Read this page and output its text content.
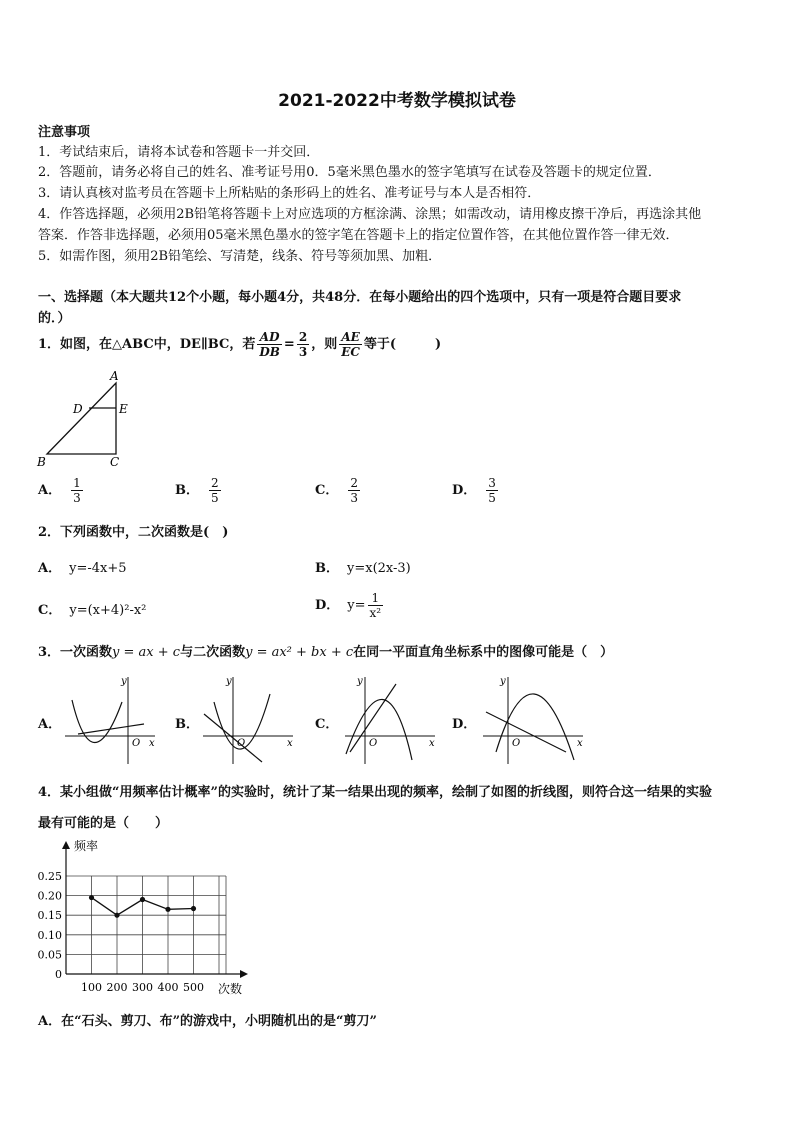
2021-2022中考数学模拟试卷
注意事项
1．考试结束后，请将本试卷和答题卡一并交回．
2．答题前，请务必将自己的姓名、准考证号用0．5毫米黑色墨水的签字笔填写在试卷及答题卡的规定位置．
3．请认真核对监考员在答题卡上所粘贴的条形码上的姓名、准考证号与本人是否相符．
4．作答选择题，必须用2B铅笔将答题卡上对应选项的方框涂满、涂黑；如需改动，请用橡皮擦干净后，再选涂其他
答案．作答非选择题，必须用05毫米黑色墨水的签字笔在答题卡上的指定位置作答，在其他位置作答一律无效．
5．如需作图，须用2B铅笔绘、写清楚，线条、符号等须加黑、加粗．
一、选择题（本大题共12个小题，每小题4分，共48分．在每小题给出的四个选项中，只有一项是符合题目要求
的．）
1．如图，在△ABC中，DE∥BC，若 $\frac{AD}{DB} = \frac{2}{3}$ ，则 $\frac{AE}{EC}$ 等于(　　　)
A
D	E
B	C
A． $\frac{1}{3}$	B． $\frac{2}{5}$	C． $\frac{2}{3}$	D． $\frac{3}{5}$
2．下列函数中，二次函数是(　)
A． y=-4x+5	B． y=x(2x-3)
C． y=(x+4)²-x²	D． $y= \frac{1}{\text{x²}}$
3．一次函数y = ax + c与二次函数y = ax² + bx + c在同一平面直角坐标系中的图像可能是（　）
A．
y
x
O
B．
y
x
O
C．
y
x
O
D．
y
x
O
4．某小组做“用频率估计概率”的实验时，统计了某一结果出现的频率，绘制了如图的折线图，则符合这一结果的实验
最有可能的是（　　）
0.25
0.20
0.15
0.10
0.05
0
频率
次数
100 200 300 400 500
A．在“石头、剪刀、布”的游戏中，小明随机出的是“剪刀”
